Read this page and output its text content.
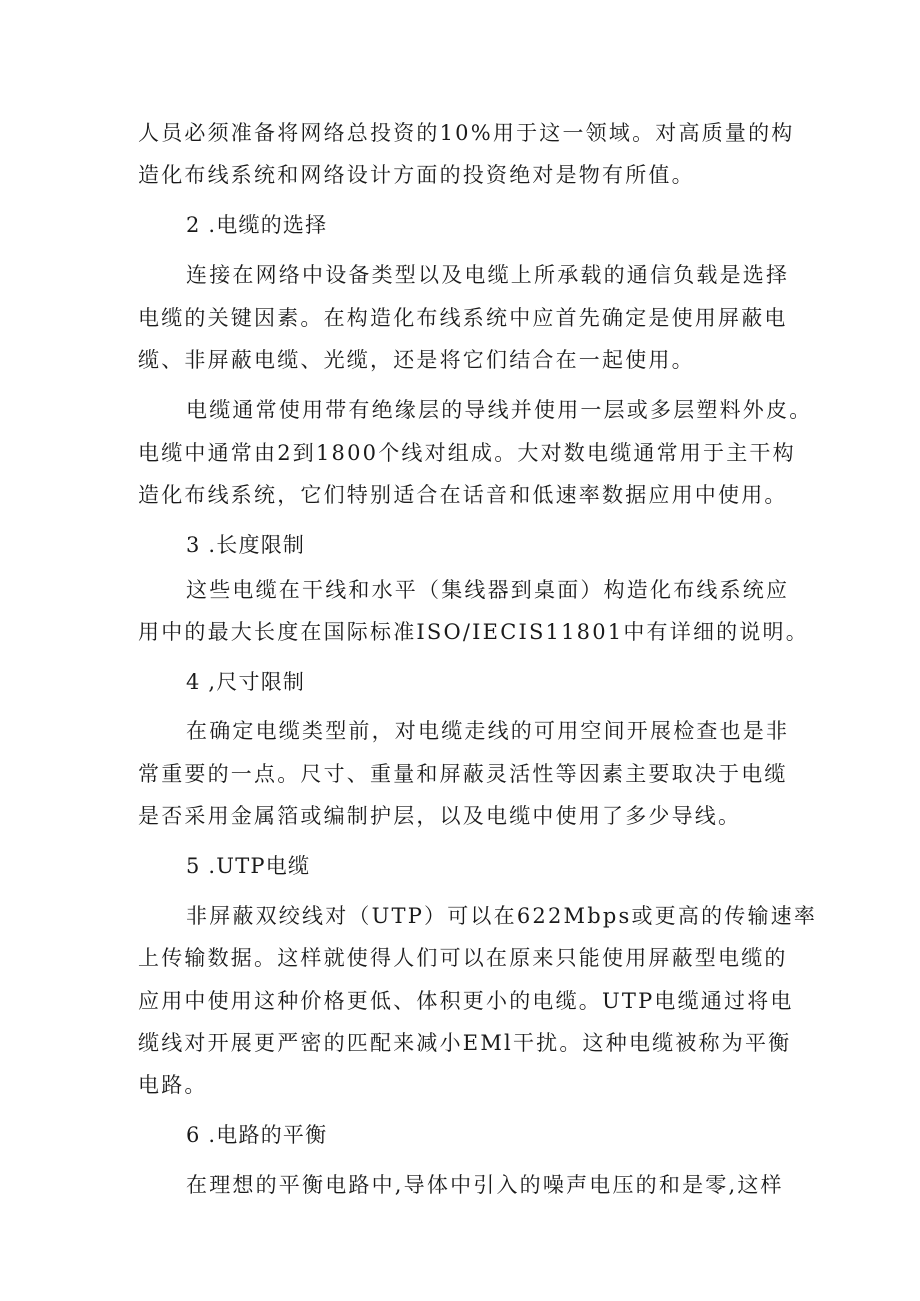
人员必须准备将网络总投资的10%用于这一领域。对高质量的构

造化布线系统和网络设计方面的投资绝对是物有所值。

2 .电缆的选择

连接在网络中设备类型以及电缆上所承载的通信负载是选择

电缆的关键因素。在构造化布线系统中应首先确定是使用屏蔽电

缆、非屏蔽电缆、光缆，还是将它们结合在一起使用。

电缆通常使用带有绝缘层的导线并使用一层或多层塑料外皮。

电缆中通常由2到1800个线对组成。大对数电缆通常用于主干构

造化布线系统，它们特别适合在话音和低速率数据应用中使用。

3 .长度限制

这些电缆在干线和水平（集线器到桌面）构造化布线系统应

用中的最大长度在国际标准ISO/IECIS11801中有详细的说明。

4 ,尺寸限制

在确定电缆类型前，对电缆走线的可用空间开展检查也是非

常重要的一点。尺寸、重量和屏蔽灵活性等因素主要取决于电缆

是否采用金属箔或编制护层，以及电缆中使用了多少导线。

5 .UTP电缆

非屏蔽双绞线对（UTP）可以在622Mbps或更高的传输速率

上传输数据。这样就使得人们可以在原来只能使用屏蔽型电缆的

应用中使用这种价格更低、体积更小的电缆。UTP电缆通过将电

缆线对开展更严密的匹配来减小EMl干扰。这种电缆被称为平衡

电路。

6 .电路的平衡

在理想的平衡电路中,导体中引入的噪声电压的和是零,这样
